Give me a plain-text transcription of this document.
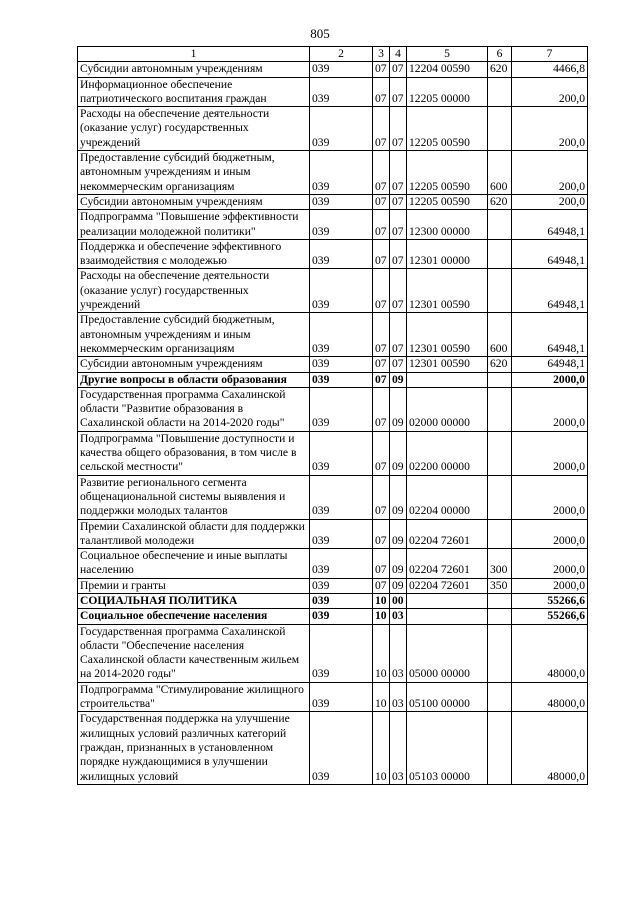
805
1	2	3	4	5	6	7
Субсидии автономным учреждениям	039	07	07	12204 00590	620	4466,8
Информационное обеспечение патриотического воспитания граждан	039	07	07	12205 00000		200,0
Расходы на обеспечение деятельности (оказание услуг) государственных учреждений	039	07	07	12205 00590		200,0
Предоставление субсидий бюджетным, автономным учреждениям и иным некоммерческим организациям	039	07	07	12205 00590	600	200,0
Субсидии автономным учреждениям	039	07	07	12205 00590	620	200,0
Подпрограмма "Повышение эффективности реализации молодежной политики"	039	07	07	12300 00000		64948,1
Поддержка и обеспечение эффективного взаимодействия с молодежью	039	07	07	12301 00000		64948,1
Расходы на обеспечение деятельности (оказание услуг) государственных учреждений	039	07	07	12301 00590		64948,1
Предоставление субсидий бюджетным, автономным учреждениям и иным некоммерческим организациям	039	07	07	12301 00590	600	64948,1
Субсидии автономным учреждениям	039	07	07	12301 00590	620	64948,1
Другие вопросы в области образования	039	07	09			2000,0
Государственная программа Сахалинской области "Развитие образования в Сахалинской области на 2014-2020 годы"	039	07	09	02000 00000		2000,0
Подпрограмма "Повышение доступности и качества общего образования, в том числе в сельской местности"	039	07	09	02200 00000		2000,0
Развитие регионального сегмента общенациональной системы выявления и поддержки молодых талантов	039	07	09	02204 00000		2000,0
Премии Сахалинской области для поддержки талантливой молодежи	039	07	09	02204 72601		2000,0
Социальное обеспечение и иные выплаты населению	039	07	09	02204 72601	300	2000,0
Премии и гранты	039	07	09	02204 72601	350	2000,0
СОЦИАЛЬНАЯ ПОЛИТИКА	039	10	00			55266,6
Социальное обеспечение населения	039	10	03			55266,6
Государственная программа Сахалинской области "Обеспечение населения Сахалинской области качественным жильем на 2014-2020 годы"	039	10	03	05000 00000		48000,0
Подпрограмма "Стимулирование жилищного строительства"	039	10	03	05100 00000		48000,0
Государственная поддержка на улучшение жилищных условий различных категорий граждан, признанных в установленном порядке нуждающимися в улучшении жилищных условий	039	10	03	05103 00000		48000,0
